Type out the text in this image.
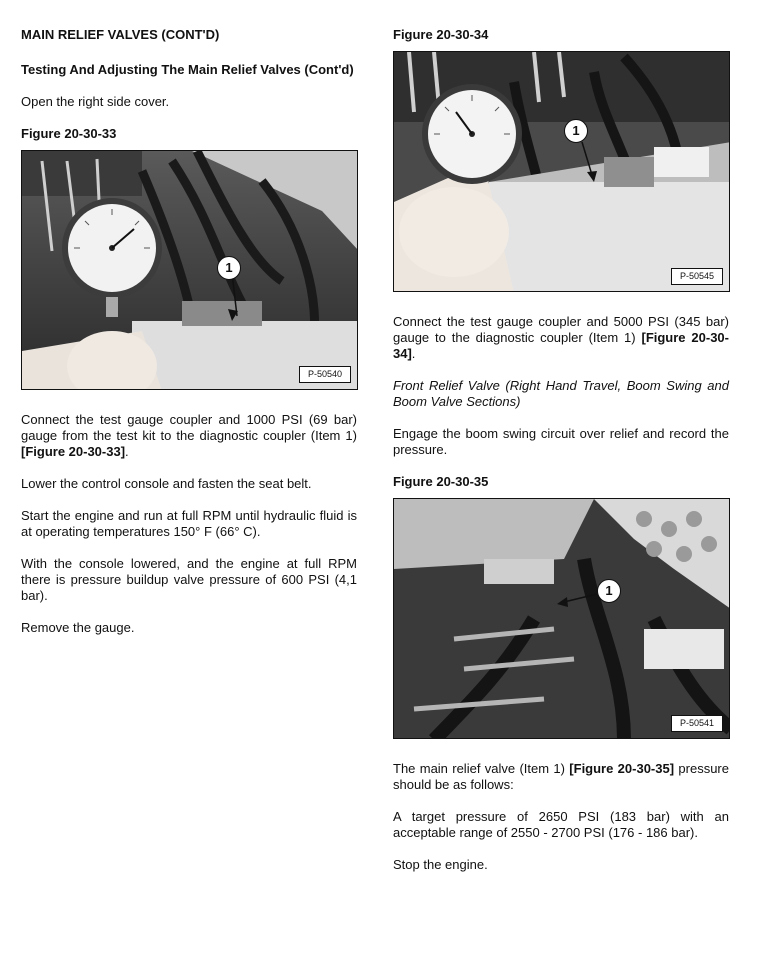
MAIN RELIEF VALVES (CONT'D)
Testing And Adjusting The Main Relief Valves (Cont'd)

Open the right side cover.

Figure 20-30-33
1
P-50540

Connect the test gauge coupler and 1000 PSI (69 bar) gauge from the test kit to the diagnostic coupler (Item 1) [Figure 20-30-33].

Lower the control console and fasten the seat belt.

Start the engine and run at full RPM until hydraulic fluid is at operating temperatures 150° F (66° C).

With the console lowered, and the engine at full RPM there is pressure buildup valve pressure of 600 PSI (4,1 bar).

Remove the gauge.

Figure 20-30-34
1
P-50545

Connect the test gauge coupler and 5000 PSI (345 bar) gauge to the diagnostic coupler (Item 1) [Figure 20-30-34].

Front Relief Valve (Right Hand Travel, Boom Swing and Boom Valve Sections)

Engage the boom swing circuit over relief and record the pressure.

Figure 20-30-35
1
P-50541

The main relief valve (Item 1) [Figure 20-30-35] pressure should be as follows:

A target pressure of 2650 PSI (183 bar) with an acceptable range of 2550 - 2700 PSI (176 - 186 bar).

Stop the engine.
